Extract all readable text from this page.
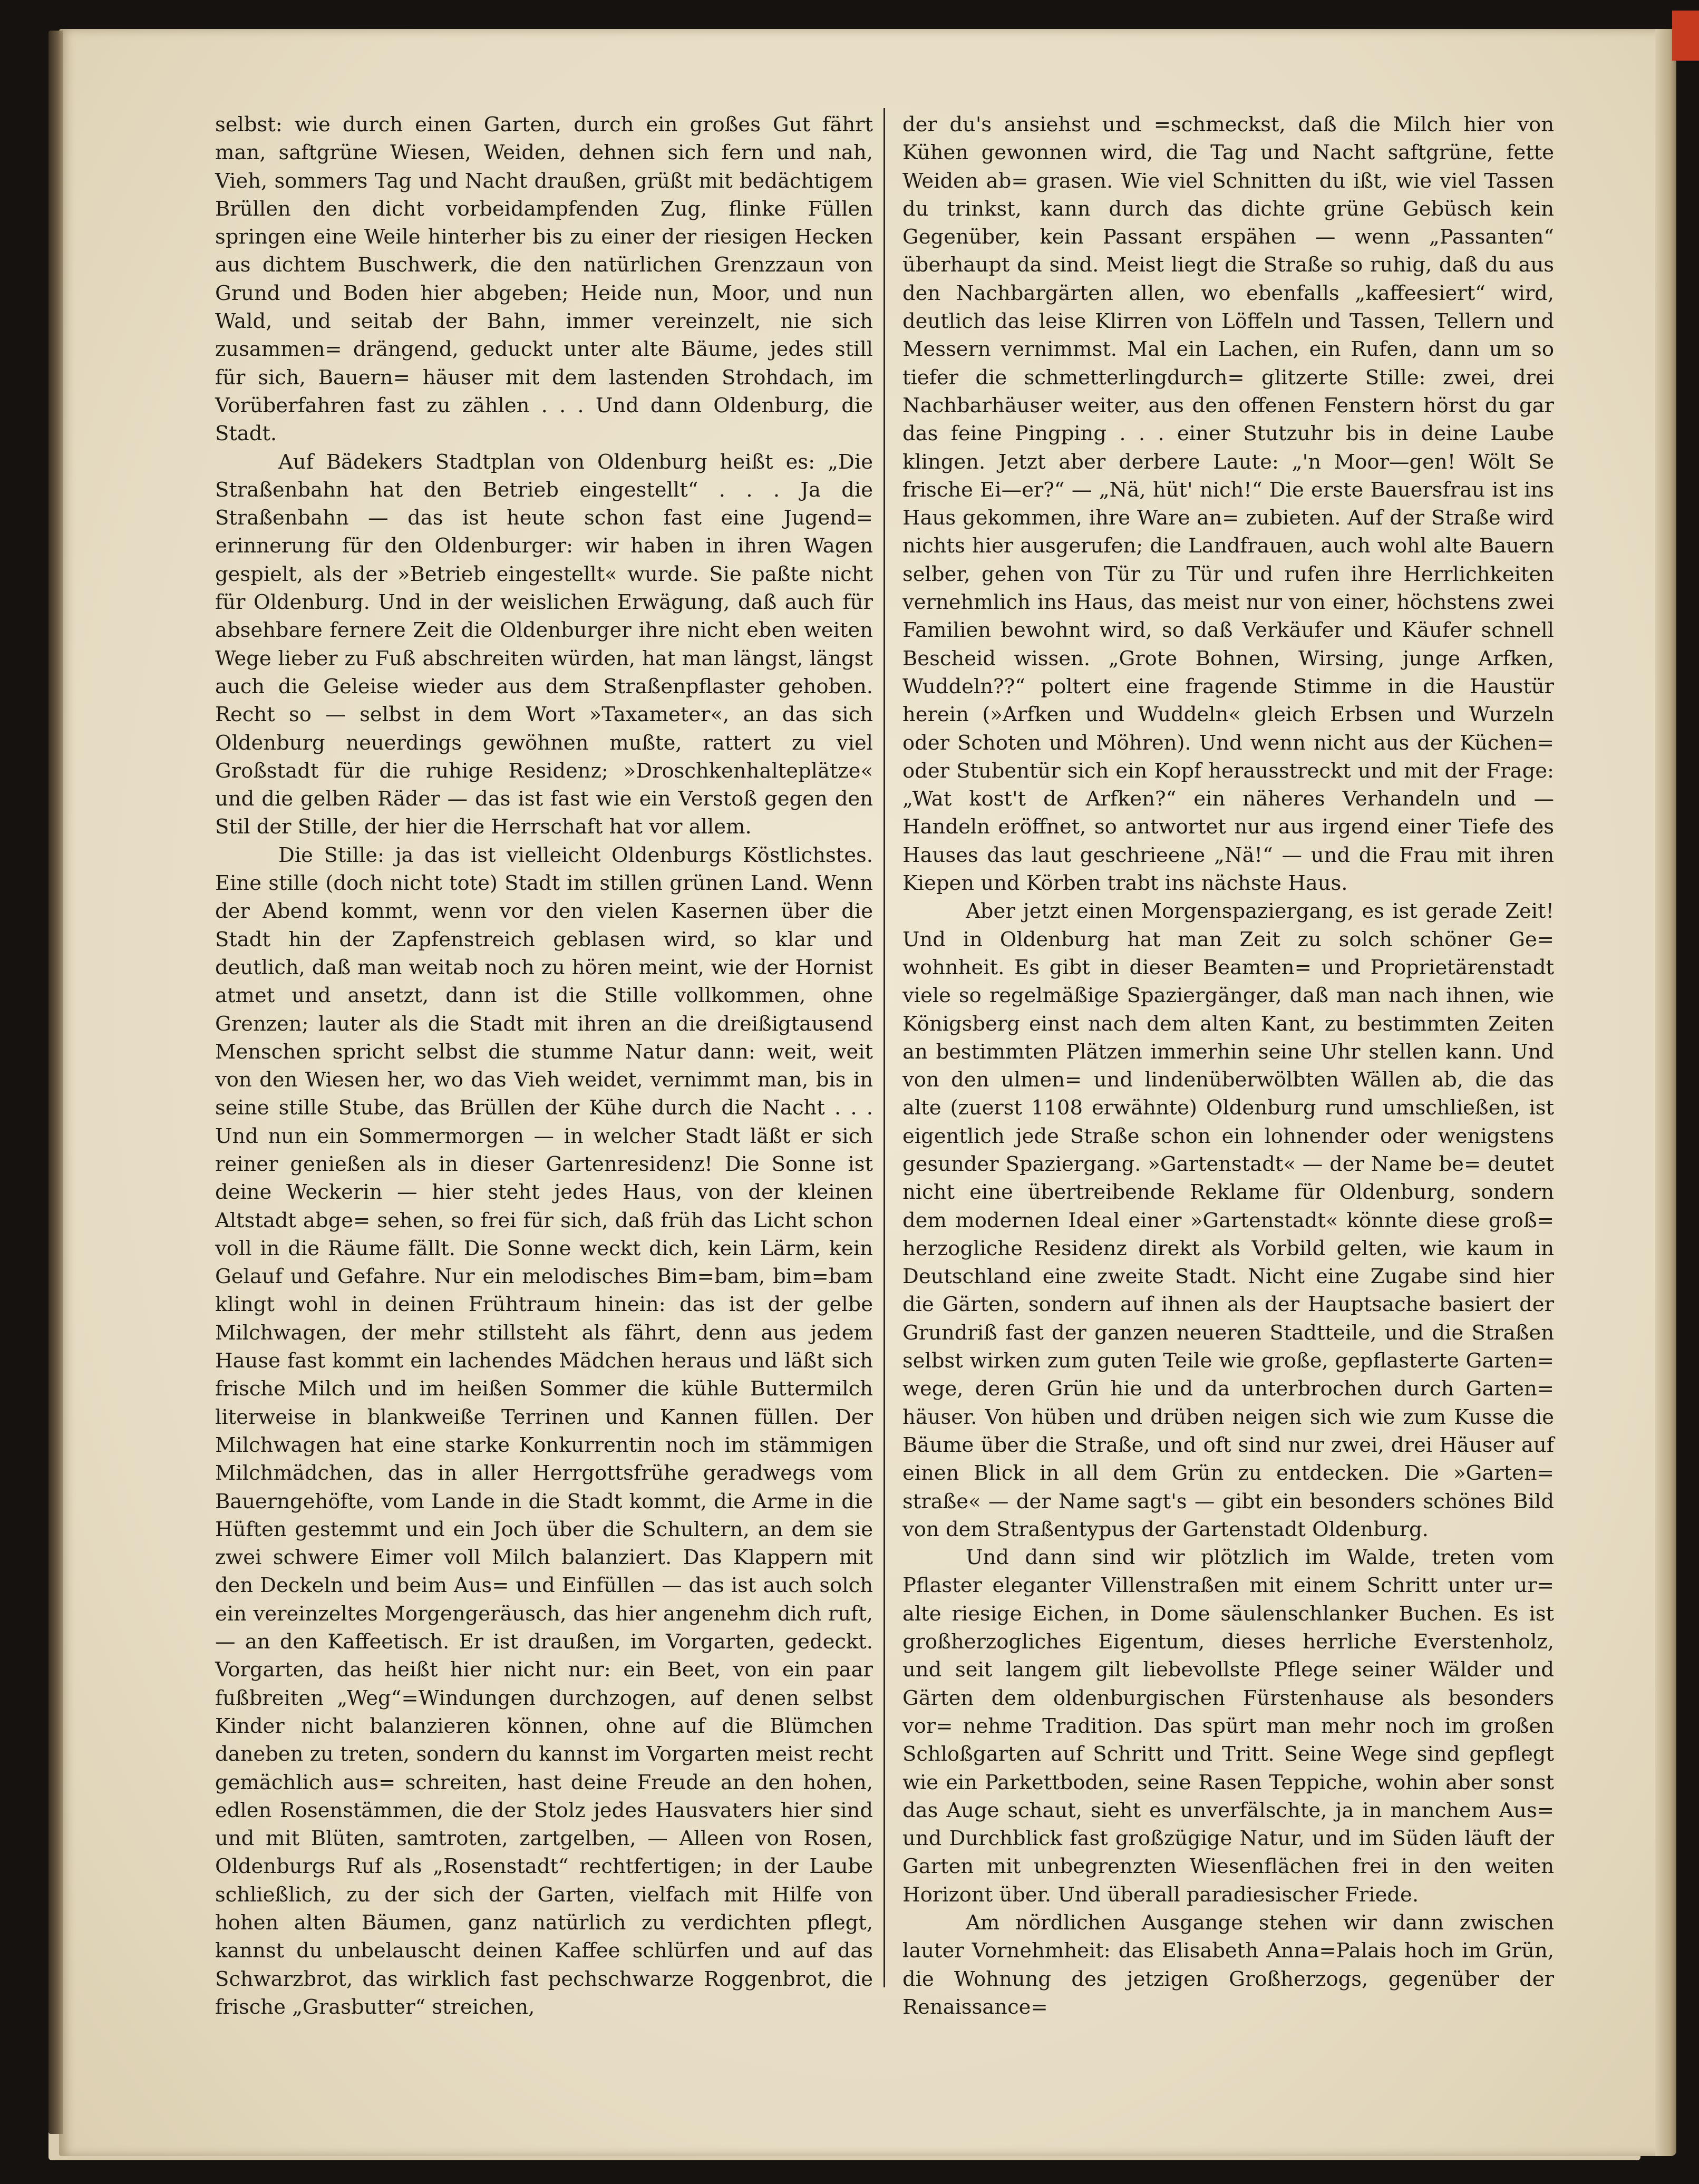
selbst: wie durch einen Garten, durch ein großes Gut fährt man, saftgrüne Wiesen, Weiden, dehnen sich fern und nah, Vieh, sommers Tag und Nacht draußen, grüßt mit bedächtigem Brüllen den dicht vorbeidampfenden Zug, flinke Füllen springen eine Weile hinterher bis zu einer der riesigen Hecken aus dichtem Buschwerk, die den natürlichen Grenzzaun von Grund und Boden hier abgeben; Heide nun, Moor, und nun Wald, und seitab der Bahn, immer vereinzelt, nie sich zusammen= drängend, geduckt unter alte Bäume, jedes still für sich, Bauern= häuser mit dem lastenden Strohdach, im Vorüberfahren fast zu zählen . . . Und dann Oldenburg, die Stadt.

Auf Bädekers Stadtplan von Oldenburg heißt es: „Die Straßenbahn hat den Betrieb eingestellt“ . . . Ja die Straßenbahn — das ist heute schon fast eine Jugend= erinnerung für den Oldenburger: wir haben in ihren Wagen gespielt, als der »Betrieb eingestellt« wurde. Sie paßte nicht für Oldenburg. Und in der weislichen Erwägung, daß auch für absehbare fernere Zeit die Oldenburger ihre nicht eben weiten Wege lieber zu Fuß abschreiten würden, hat man längst, längst auch die Geleise wieder aus dem Straßenpflaster gehoben. Recht so — selbst in dem Wort »Taxameter«, an das sich Oldenburg neuerdings gewöhnen mußte, rattert zu viel Großstadt für die ruhige Residenz; »Droschkenhalteplätze« und die gelben Räder — das ist fast wie ein Verstoß gegen den Stil der Stille, der hier die Herrschaft hat vor allem.

Die Stille: ja das ist vielleicht Oldenburgs Köstlichstes. Eine stille (doch nicht tote) Stadt im stillen grünen Land. Wenn der Abend kommt, wenn vor den vielen Kasernen über die Stadt hin der Zapfenstreich geblasen wird, so klar und deutlich, daß man weitab noch zu hören meint, wie der Hornist atmet und ansetzt, dann ist die Stille vollkommen, ohne Grenzen; lauter als die Stadt mit ihren an die dreißigtausend Menschen spricht selbst die stumme Natur dann: weit, weit von den Wiesen her, wo das Vieh weidet, vernimmt man, bis in seine stille Stube, das Brüllen der Kühe durch die Nacht . . . Und nun ein Sommermorgen — in welcher Stadt läßt er sich reiner genießen als in dieser Gartenresidenz! Die Sonne ist deine Weckerin — hier steht jedes Haus, von der kleinen Altstadt abge= sehen, so frei für sich, daß früh das Licht schon voll in die Räume fällt. Die Sonne weckt dich, kein Lärm, kein Gelauf und Gefahre. Nur ein melodisches Bim=bam, bim=bam klingt wohl in deinen Frühtraum hinein: das ist der gelbe Milchwagen, der mehr stillsteht als fährt, denn aus jedem Hause fast kommt ein lachendes Mädchen heraus und läßt sich frische Milch und im heißen Sommer die kühle Buttermilch literweise in blankweiße Terrinen und Kannen füllen. Der Milchwagen hat eine starke Konkurrentin noch im stämmigen Milchmädchen, das in aller Herrgottsfrühe geradwegs vom Bauerngehöfte, vom Lande in die Stadt kommt, die Arme in die Hüften gestemmt und ein Joch über die Schultern, an dem sie zwei schwere Eimer voll Milch balanziert. Das Klappern mit den Deckeln und beim Aus= und Einfüllen — das ist auch solch ein vereinzeltes Morgengeräusch, das hier angenehm dich ruft, — an den Kaffeetisch. Er ist draußen, im Vorgarten, gedeckt. Vorgarten, das heißt hier nicht nur: ein Beet, von ein paar fußbreiten „Weg“=Windungen durchzogen, auf denen selbst Kinder nicht balanzieren können, ohne auf die Blümchen daneben zu treten, sondern du kannst im Vorgarten meist recht gemächlich aus= schreiten, hast deine Freude an den hohen, edlen Rosenstämmen, die der Stolz jedes Hausvaters hier sind und mit Blüten, samtroten, zartgelben, — Alleen von Rosen, Oldenburgs Ruf als „Rosenstadt“ rechtfertigen; in der Laube schließlich, zu der sich der Garten, vielfach mit Hilfe von hohen alten Bäumen, ganz natürlich zu verdichten pflegt, kannst du unbelauscht deinen Kaffee schlürfen und auf das Schwarzbrot, das wirklich fast pechschwarze Roggenbrot, die frische „Grasbutter“ streichen,

der du's ansiehst und =schmeckst, daß die Milch hier von Kühen gewonnen wird, die Tag und Nacht saftgrüne, fette Weiden ab= grasen. Wie viel Schnitten du ißt, wie viel Tassen du trinkst, kann durch das dichte grüne Gebüsch kein Gegenüber, kein Passant erspähen — wenn „Passanten“ überhaupt da sind. Meist liegt die Straße so ruhig, daß du aus den Nachbargärten allen, wo ebenfalls „kaffeesiert“ wird, deutlich das leise Klirren von Löffeln und Tassen, Tellern und Messern vernimmst. Mal ein Lachen, ein Rufen, dann um so tiefer die schmetterlingdurch= glitzerte Stille: zwei, drei Nachbarhäuser weiter, aus den offenen Fenstern hörst du gar das feine Pingping . . . einer Stutzuhr bis in deine Laube klingen. Jetzt aber derbere Laute: „'n Moor—gen! Wölt Se frische Ei—er?“ — „Nä, hüt' nich!“ Die erste Bauersfrau ist ins Haus gekommen, ihre Ware an= zubieten. Auf der Straße wird nichts hier ausgerufen; die Landfrauen, auch wohl alte Bauern selber, gehen von Tür zu Tür und rufen ihre Herrlichkeiten vernehmlich ins Haus, das meist nur von einer, höchstens zwei Familien bewohnt wird, so daß Verkäufer und Käufer schnell Bescheid wissen. „Grote Bohnen, Wirsing, junge Arfken, Wuddeln??“ poltert eine fragende Stimme in die Haustür herein (»Arfken und Wuddeln« gleich Erbsen und Wurzeln oder Schoten und Möhren). Und wenn nicht aus der Küchen= oder Stubentür sich ein Kopf herausstreckt und mit der Frage: „Wat kost't de Arfken?“ ein näheres Verhandeln und — Handeln eröffnet, so antwortet nur aus irgend einer Tiefe des Hauses das laut geschrieene „Nä!“ — und die Frau mit ihren Kiepen und Körben trabt ins nächste Haus.

Aber jetzt einen Morgenspaziergang, es ist gerade Zeit! Und in Oldenburg hat man Zeit zu solch schöner Ge= wohnheit. Es gibt in dieser Beamten= und Proprietärenstadt viele so regelmäßige Spaziergänger, daß man nach ihnen, wie Königsberg einst nach dem alten Kant, zu bestimmten Zeiten an bestimmten Plätzen immerhin seine Uhr stellen kann. Und von den ulmen= und lindenüberwölbten Wällen ab, die das alte (zuerst 1108 erwähnte) Oldenburg rund umschließen, ist eigentlich jede Straße schon ein lohnender oder wenigstens gesunder Spaziergang. »Gartenstadt« — der Name be= deutet nicht eine übertreibende Reklame für Oldenburg, sondern dem modernen Ideal einer »Gartenstadt« könnte diese groß= herzogliche Residenz direkt als Vorbild gelten, wie kaum in Deutschland eine zweite Stadt. Nicht eine Zugabe sind hier die Gärten, sondern auf ihnen als der Hauptsache basiert der Grundriß fast der ganzen neueren Stadtteile, und die Straßen selbst wirken zum guten Teile wie große, gepflasterte Garten= wege, deren Grün hie und da unterbrochen durch Garten= häuser. Von hüben und drüben neigen sich wie zum Kusse die Bäume über die Straße, und oft sind nur zwei, drei Häuser auf einen Blick in all dem Grün zu entdecken. Die »Garten= straße« — der Name sagt's — gibt ein besonders schönes Bild von dem Straßentypus der Gartenstadt Oldenburg.

Und dann sind wir plötzlich im Walde, treten vom Pflaster eleganter Villenstraßen mit einem Schritt unter ur= alte riesige Eichen, in Dome säulenschlanker Buchen. Es ist großherzogliches Eigentum, dieses herrliche Everstenholz, und seit langem gilt liebevollste Pflege seiner Wälder und Gärten dem oldenburgischen Fürstenhause als besonders vor= nehme Tradition. Das spürt man mehr noch im großen Schloßgarten auf Schritt und Tritt. Seine Wege sind gepflegt wie ein Parkettboden, seine Rasen Teppiche, wohin aber sonst das Auge schaut, sieht es unverfälschte, ja in manchem Aus= und Durchblick fast großzügige Natur, und im Süden läuft der Garten mit unbegrenzten Wiesenflächen frei in den weiten Horizont über. Und überall paradiesischer Friede.

Am nördlichen Ausgange stehen wir dann zwischen lauter Vornehmheit: das Elisabeth Anna=Palais hoch im Grün, die Wohnung des jetzigen Großherzogs, gegenüber der Renaissance=
